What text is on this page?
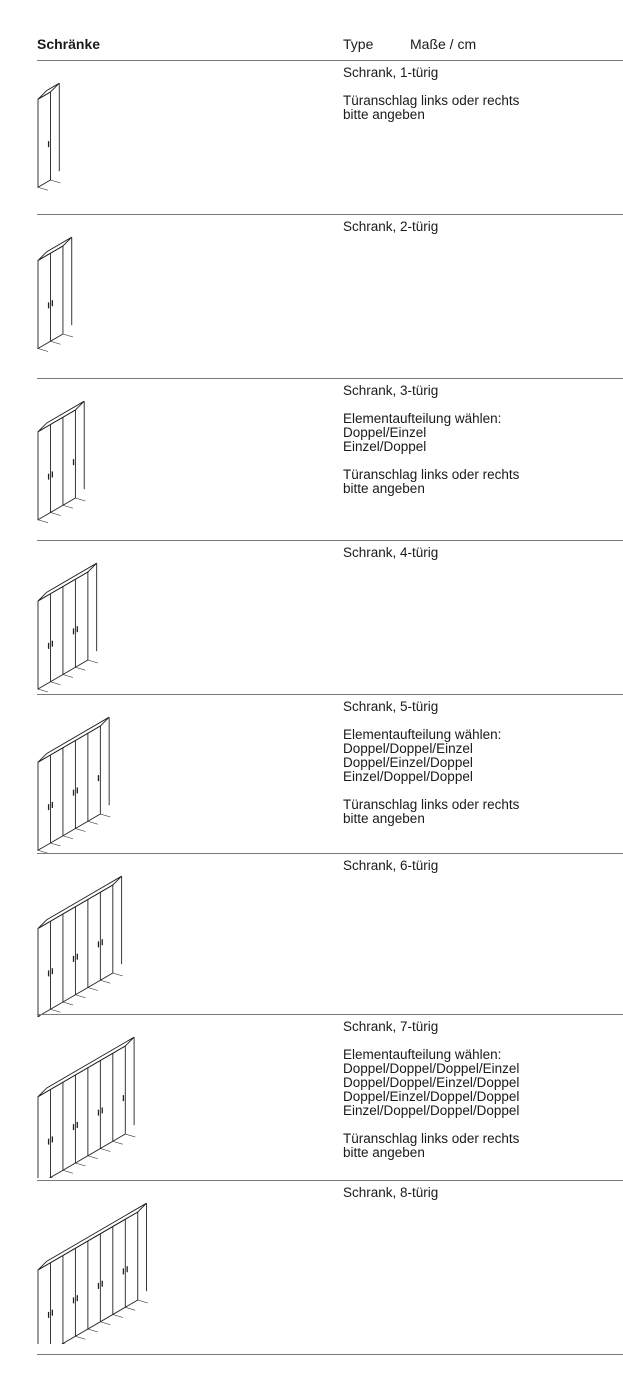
Schränke	Type	Maße / cm
Schrank, 1-türig
Türanschlag links oder rechts
bitte angeben
Schrank, 2-türig
Schrank, 3-türig
Elementaufteilung wählen:
Doppel/Einzel
Einzel/Doppel
Türanschlag links oder rechts
bitte angeben
Schrank, 4-türig
Schrank, 5-türig
Elementaufteilung wählen:
Doppel/Doppel/Einzel
Doppel/Einzel/Doppel
Einzel/Doppel/Doppel
Türanschlag links oder rechts
bitte angeben
Schrank, 6-türig
Schrank, 7-türig
Elementaufteilung wählen:
Doppel/Doppel/Doppel/Einzel
Doppel/Doppel/Einzel/Doppel
Doppel/Einzel/Doppel/Doppel
Einzel/Doppel/Doppel/Doppel
Türanschlag links oder rechts
bitte angeben
Schrank, 8-türig
